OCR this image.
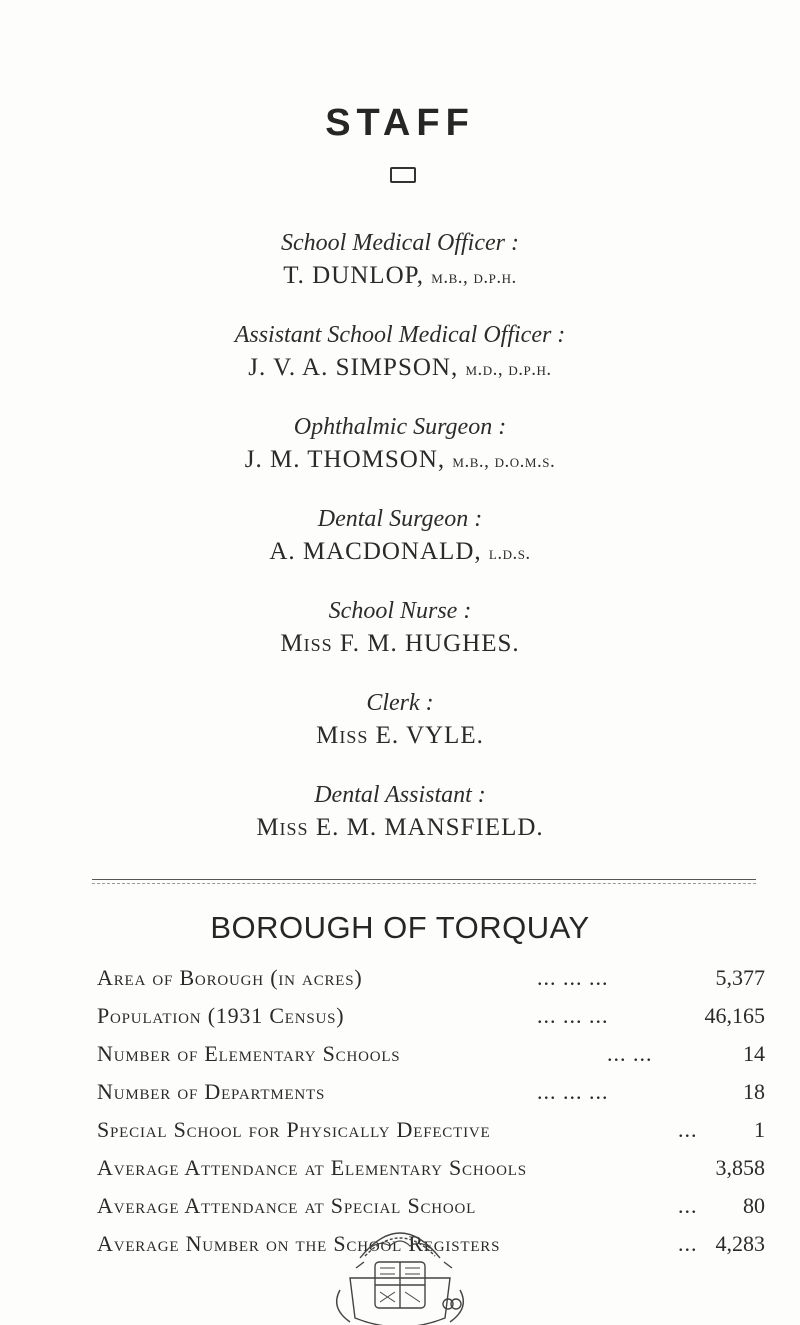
STAFF
School Medical Officer :
T. DUNLOP, m.b., d.p.h.
Assistant School Medical Officer :
J. V. A. SIMPSON, m.d., d.p.h.
Ophthalmic Surgeon :
J. M. THOMSON, m.b., d.o.m.s.
Dental Surgeon :
A. MACDONALD, l.d.s.
School Nurse :
Miss F. M. HUGHES.
Clerk :
Miss E. VYLE.
Dental Assistant :
Miss E. M. MANSFIELD.
BOROUGH OF TORQUAY
Area of Borough (in acres)	... ... ...	5,377
Population (1931 Census)	... ... ...	46,165
Number of Elementary Schools	... ...	14
Number of Departments	... ... ...	18
Special School for Physically Defective	...	1
Average Attendance at Elementary Schools	3,858
Average Attendance at Special School	... 80
Average Number on the School Registers	... 4,283
